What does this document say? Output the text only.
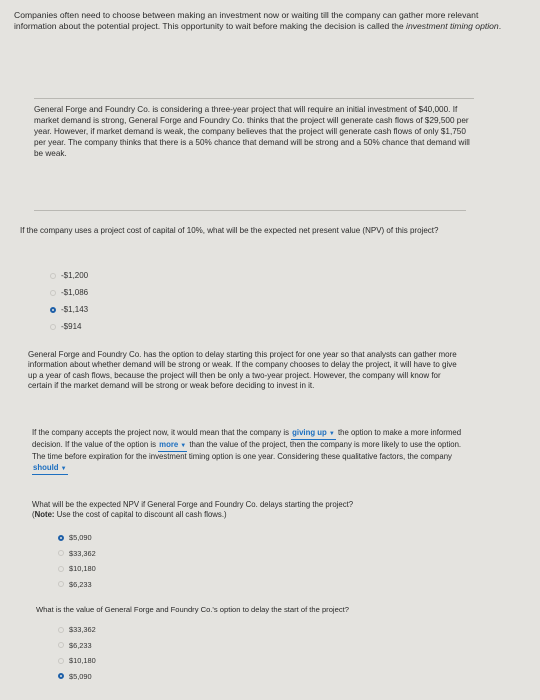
Companies often need to choose between making an investment now or waiting till the company can gather more relevant information about the potential project. This opportunity to wait before making the decision is called the investment timing option.

General Forge and Foundry Co. is considering a three-year project that will require an initial investment of $40,000. If market demand is strong, General Forge and Foundry Co. thinks that the project will generate cash flows of $29,500 per year. However, if market demand is weak, the company believes that the project will generate cash flows of only $1,750 per year. The company thinks that there is a 50% chance that demand will be strong and a 50% chance that demand will be weak.

If the company uses a project cost of capital of 10%, what will be the expected net present value (NPV) of this project?

-$1,200
-$1,086
-$1,143
-$914

General Forge and Foundry Co. has the option to delay starting this project for one year so that analysts can gather more information about whether demand will be strong or weak. If the company chooses to delay the project, it will have to give up a year of cash flows, because the project will then be only a two-year project. However, the company will know for certain if the market demand will be strong or weak before deciding to invest in it.

If the company accepts the project now, it would mean that the company is giving up ▼ the option to make a more informed decision. If the value of the option is more ▼ than the value of the project, then the company is more likely to use the option. The time before expiration for the investment timing option is one year. Considering these qualitative factors, the company should ▼

What will be the expected NPV if General Forge and Foundry Co. delays starting the project?

(Note: Use the cost of capital to discount all cash flows.)

$5,090
$33,362
$10,180
$6,233

What is the value of General Forge and Foundry Co.'s option to delay the start of the project?

$33,362
$6,233
$10,180
$5,090
